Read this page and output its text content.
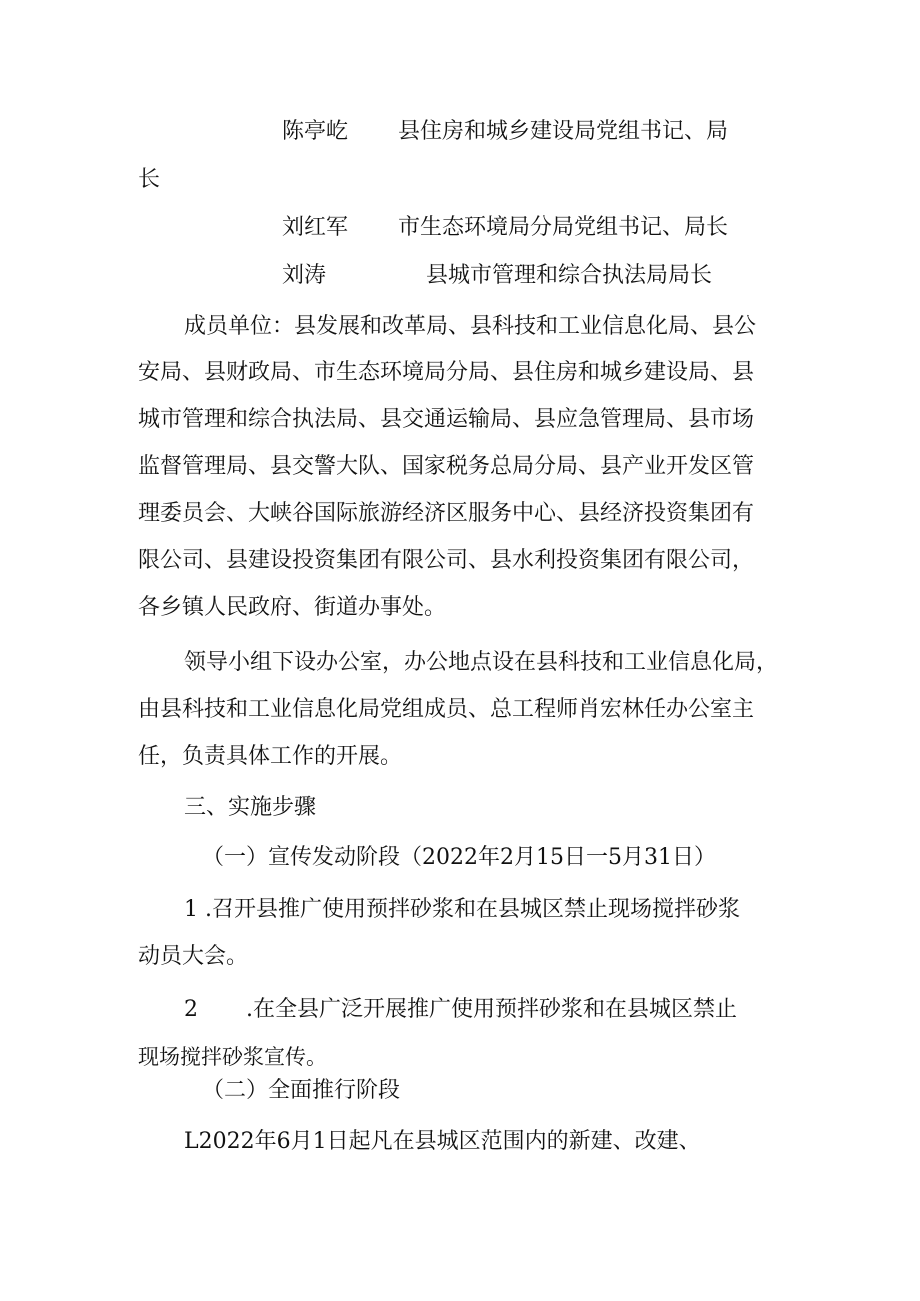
陈亭屹 县住房和城乡建设局党组书记、局
长
刘红军 市生态环境局分局党组书记、局长
刘涛	县城市管理和综合执法局局长
成员单位：县发展和改革局、县科技和工业信息化局、县公
安局、县财政局、市生态环境局分局、县住房和城乡建设局、县
城市管理和综合执法局、县交通运输局、县应急管理局、县市场
监督管理局、县交警大队、国家税务总局分局、县产业开发区管
理委员会、大峡谷国际旅游经济区服务中心、县经济投资集团有
限公司、县建设投资集团有限公司、县水利投资集团有限公司，
各乡镇人民政府、街道办事处。
领导小组下设办公室，办公地点设在县科技和工业信息化局，
由县科技和工业信息化局党组成员、总工程师肖宏林任办公室主
任，负责具体工作的开展。
三、实施步骤
（一）宣传发动阶段（2022年2月15日一5月31日）
1 .召开县推广使用预拌砂浆和在县城区禁止现场搅拌砂浆
动员大会。
2 .在全县广泛开展推广使用预拌砂浆和在县城区禁止
现场搅拌砂浆宣传。
（二）全面推行阶段
L2022年6月1日起凡在县城区范围内的新建、改建、
